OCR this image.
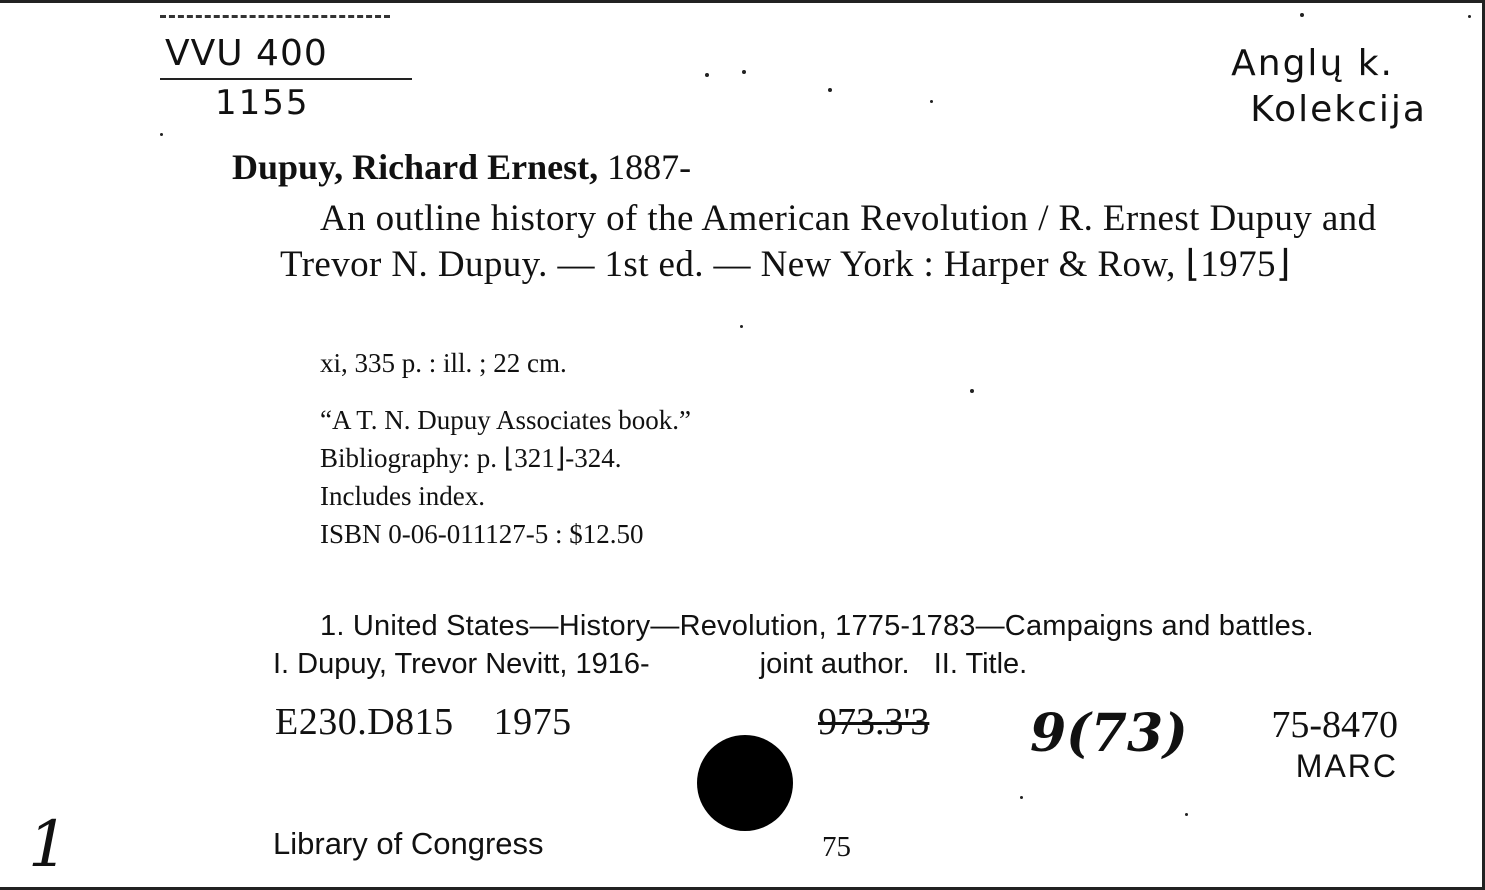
VVU 400
1155
Anglų k.
Kolekcija
Dupuy, Richard Ernest, 1887-
An outline history of the American Revolution / R. Ernest Dupuy and Trevor N. Dupuy. — 1st ed. — New York : Harper & Row, ⌊1975⌋
xi, 335 p. : ill. ; 22 cm.
“A T. N. Dupuy Associates book.”
Bibliography: p. ⌊321⌋-324.
Includes index.
ISBN 0-06-011127-5 : $12.50
1. United States—History—Revolution, 1775-1783—Campaigns and battles.
I. Dupuy, Trevor Nevitt, 1916-	joint author. II. Title.
E230.D815    1975	973.3'3 9(73) 75-8470
MARC
Library of Congress	75
1
